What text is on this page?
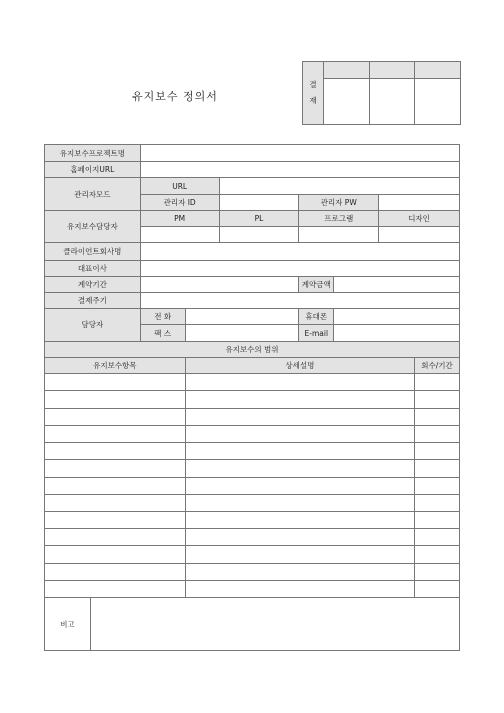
유지보수 정의서
결
재			

유지보수프로젝트명								
홈페이지URL								
관리자모드		URL						
		관리자 ID			관리자 PW			
유지보수담당자		PM		PL	프로그램		디자인	

클라이언트회사명								
대표이사								
계약기간					계약금액			
결제주기								
담당자		전 화			휴대폰			
		팩 스			E-mail			
유지보수의 범위								
유지보수항목			상세설명					회수/기간

비고								
